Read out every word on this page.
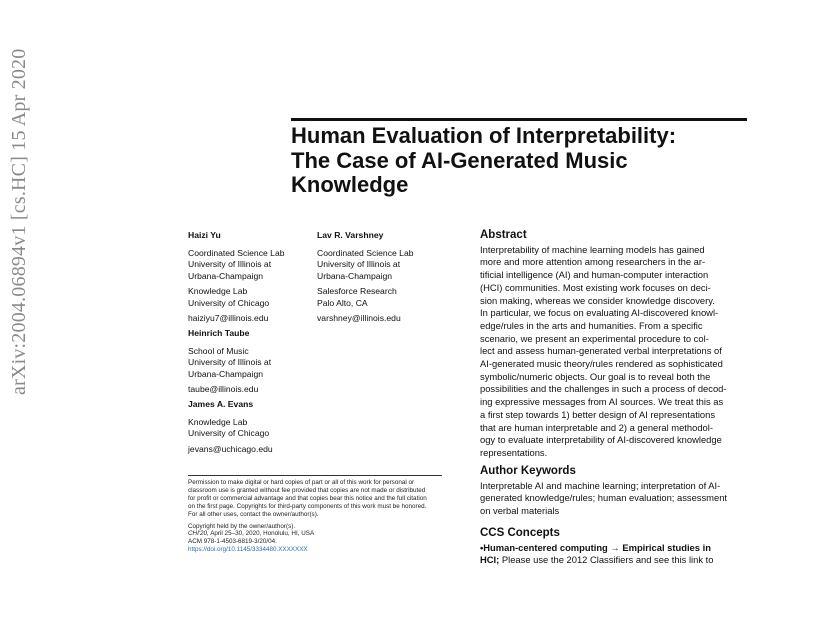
arXiv:2004.06894v1 [cs.HC] 15 Apr 2020	Human Evaluation of Interpretability:
The Case of AI-Generated Music
Knowledge
Haizi Yu
Coordinated Science Lab
University of Illinois at
Urbana-Champaign
Knowledge Lab
University of Chicago
haiziyu7@illinois.edu
Lav R. Varshney
Coordinated Science Lab
University of Illinois at
Urbana-Champaign
Salesforce Research
Palo Alto, CA
varshney@illinois.edu
Heinrich Taube
School of Music
University of Illinois at
Urbana-Champaign
taube@illinois.edu
James A. Evans
Knowledge Lab
University of Chicago
jevans@uchicago.edu

Permission to make digital or hard copies of part or all of this work for personal or
classroom use is granted without fee provided that copies are not made or distributed
for profit or commercial advantage and that copies bear this notice and the full citation
on the first page. Copyrights for third-party components of this work must be honored.
For all other uses, contact the owner/author(s).

Copyright held by the owner/author(s).
CHI'20, April 25–30, 2020, Honolulu, HI, USA
ACM 978-1-4503-6819-3/20/04.
https://doi.org/10.1145/3334480.XXXXXXX

Abstract
Interpretability of machine learning models has gained
more and more attention among researchers in the ar-
tificial intelligence (AI) and human-computer interaction
(HCI) communities. Most existing work focuses on deci-
sion making, whereas we consider knowledge discovery.
In particular, we focus on evaluating AI-discovered knowl-
edge/rules in the arts and humanities. From a specific
scenario, we present an experimental procedure to col-
lect and assess human-generated verbal interpretations of
AI-generated music theory/rules rendered as sophisticated
symbolic/numeric objects. Our goal is to reveal both the
possibilities and the challenges in such a process of decod-
ing expressive messages from AI sources. We treat this as
a first step towards 1) better design of AI representations
that are human interpretable and 2) a general methodol-
ogy to evaluate interpretability of AI-discovered knowledge
representations.
Author Keywords
Interpretable AI and machine learning; interpretation of AI-
generated knowledge/rules; human evaluation; assessment
on verbal materials
CCS Concepts
•Human-centered computing → Empirical studies in
HCI; Please use the 2012 Classifiers and see this link to
